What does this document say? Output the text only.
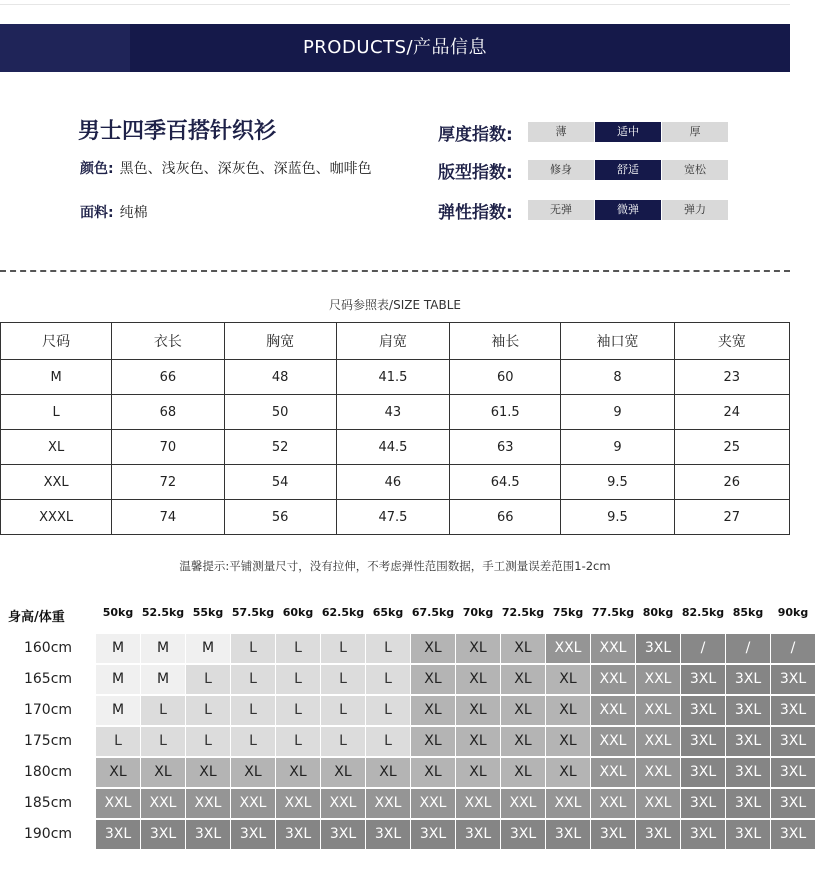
PRODUCTS/产品信息
男士四季百搭针织衫
颜色: 黑色、浅灰色、深灰色、深蓝色、咖啡色
面料: 纯棉
厚度指数:	薄	适中	厚
版型指数:	修身	舒适	宽松
弹性指数:	无弹	微弹	弹力
尺码参照表/SIZE TABLE
尺码	衣长	胸宽	肩宽	袖长	袖口宽	夹宽
M	66	48	41.5	60	8	23
L	68	50	43	61.5	9	24
XL	70	52	44.5	63	9	25
XXL	72	54	46	64.5	9.5	26
XXXL	74	56	47.5	66	9.5	27
温馨提示:平铺测量尺寸，没有拉伸，不考虑弹性范围数据，手工测量误差范围1-2cm
身高/体重	50kg 52.5kg 55kg 57.5kg 60kg 62.5kg 65kg 67.5kg 70kg 72.5kg 75kg 77.5kg 80kg 82.5kg 85kg	90kg
160cm	M	M	M	L	L	L	L	XL	XL	XL	XXL	XXL	3XL	/	/	/
165cm	M	M	L	L	L	L	L	XL	XL	XL	XL	XXL	XXL	3XL	3XL	3XL
170cm	M	L	L	L	L	L	L	XL	XL	XL	XL	XXL	XXL	3XL	3XL	3XL
175cm	L	L	L	L	L	L	L	XL	XL	XL	XL	XXL	XXL	3XL	3XL	3XL
180cm	XL	XL	XL	XL	XL	XL	XL	XL	XL	XL	XL	XXL	XXL	3XL	3XL	3XL
185cm	XXL	XXL	XXL	XXL	XXL	XXL	XXL	XXL	XXL	XXL	XXL	XXL	XXL	3XL	3XL	3XL
190cm	3XL	3XL	3XL	3XL	3XL	3XL	3XL	3XL	3XL	3XL	3XL	3XL	3XL	3XL	3XL	3XL
